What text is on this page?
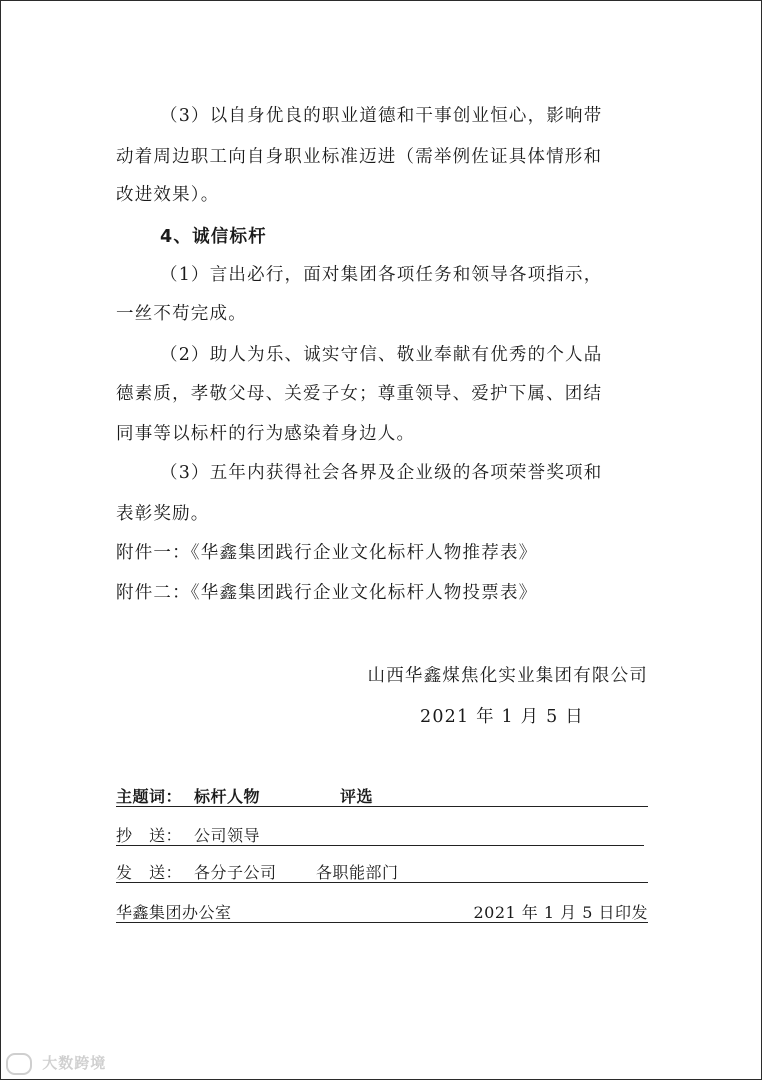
（3）以自身优良的职业道德和干事创业恒心，影响带
动着周边职工向自身职业标准迈进（需举例佐证具体情形和
改进效果）。
4、诚信标杆
（1）言出必行，面对集团各项任务和领导各项指示，
一丝不苟完成。
（2）助人为乐、诚实守信、敬业奉献有优秀的个人品
德素质，孝敬父母、关爱子女；尊重领导、爱护下属、团结
同事等以标杆的行为感染着身边人。
（3）五年内获得社会各界及企业级的各项荣誉奖项和
表彰奖励。
附件一：《华鑫集团践行企业文化标杆人物推荐表》
附件二：《华鑫集团践行企业文化标杆人物投票表》
山西华鑫煤焦化实业集团有限公司
2021 年 1 月 5 日
主题词： 标杆人物	评选
抄　送： 公司领导
发　送： 各分子公司 各职能部门
华鑫集团办公室	2021 年 1 月 5 日印发
大数跨境
